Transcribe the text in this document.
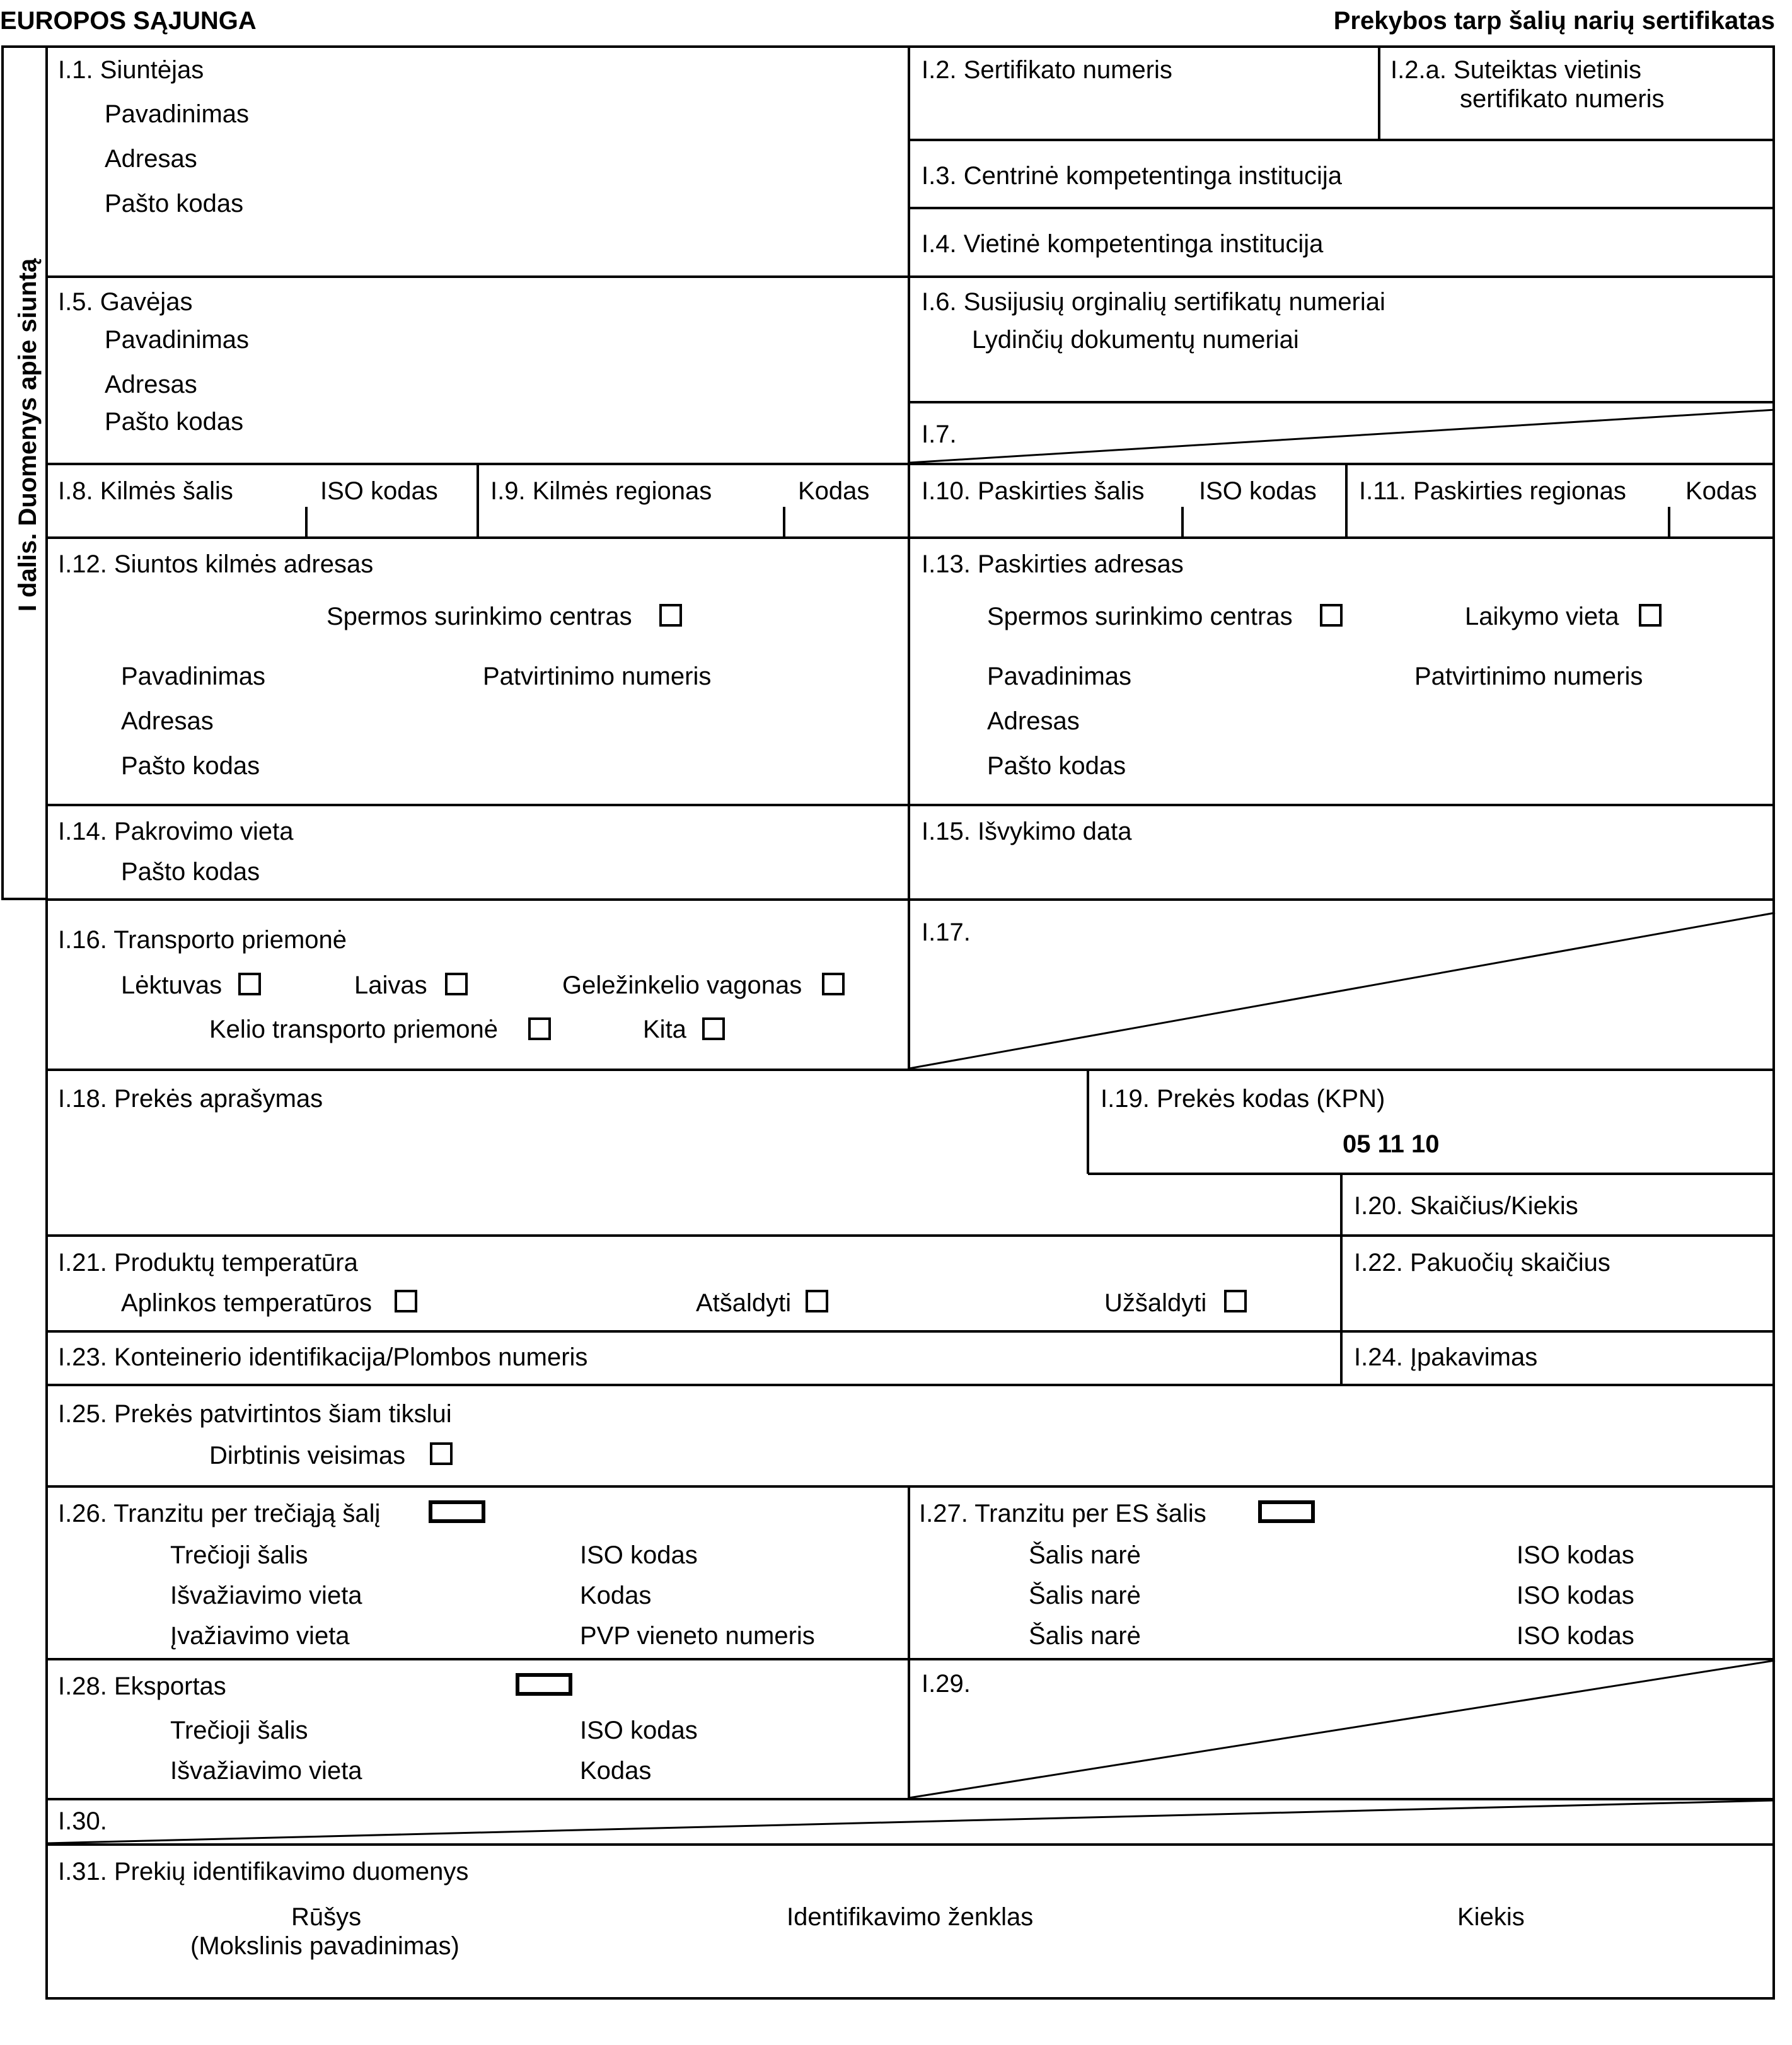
EUROPOS SĄJUNGA	Prekybos tarp šalių narių sertifikatas
I dalis. Duomenys apie siuntą
I.1. Siuntėjas
Pavadinimas
Adresas
Pašto kodas
I.2. Sertifikato numeris	I.2.a. Suteiktas vietinis
sertifikato numeris
I.3. Centrinė kompetentinga institucija
I.4. Vietinė kompetentinga institucija
I.5. Gavėjas
Pavadinimas
Adresas
Pašto kodas
I.6. Susijusių orginalių sertifikatų numeriai
Lydinčių dokumentų numeriai
I.7.
I.8. Kilmės šalis	ISO kodas I.9. Kilmės regionas	Kodas I.10. Paskirties šalis ISO kodas I.11. Paskirties regionas Kodas
I.12. Siuntos kilmės adresas
Spermos surinkimo centras
Pavadinimas	Patvirtinimo numeris
Adresas
Pašto kodas
I.13. Paskirties adresas
Spermos surinkimo centras	Laikymo vieta
Pavadinimas	Patvirtinimo numeris
Adresas
Pašto kodas
I.14. Pakrovimo vieta
Pašto kodas
I.15. Išvykimo data
I.16. Transporto priemonė
Lėktuvas	Laivas	Geležinkelio vagonas
Kelio transporto priemonė	Kita
I.17.
I.18. Prekės aprašymas	I.19. Prekės kodas (KPN)
05 11 10
I.20. Skaičius/Kiekis
I.21. Produktų temperatūra
Aplinkos temperatūros	Atšaldyti	Užšaldyti
I.22. Pakuočių skaičius
I.23. Konteinerio identifikacija/Plombos numeris	I.24. Įpakavimas
I.25. Prekės patvirtintos šiam tikslui
Dirbtinis veisimas
I.26. Tranzitu per trečiąją šalį
Trečioji šalis	ISO kodas
Išvažiavimo vieta	Kodas
Įvažiavimo vieta	PVP vieneto numeris
I.27. Tranzitu per ES šalis
Šalis narė	ISO kodas
Šalis narė	ISO kodas
Šalis narė	ISO kodas
I.28. Eksportas
Trečioji šalis	ISO kodas
Išvažiavimo vieta	Kodas
I.29.
I.30.
I.31. Prekių identifikavimo duomenys
Rūšys
(Mokslinis pavadinimas)
Identifikavimo ženklas	Kiekis
